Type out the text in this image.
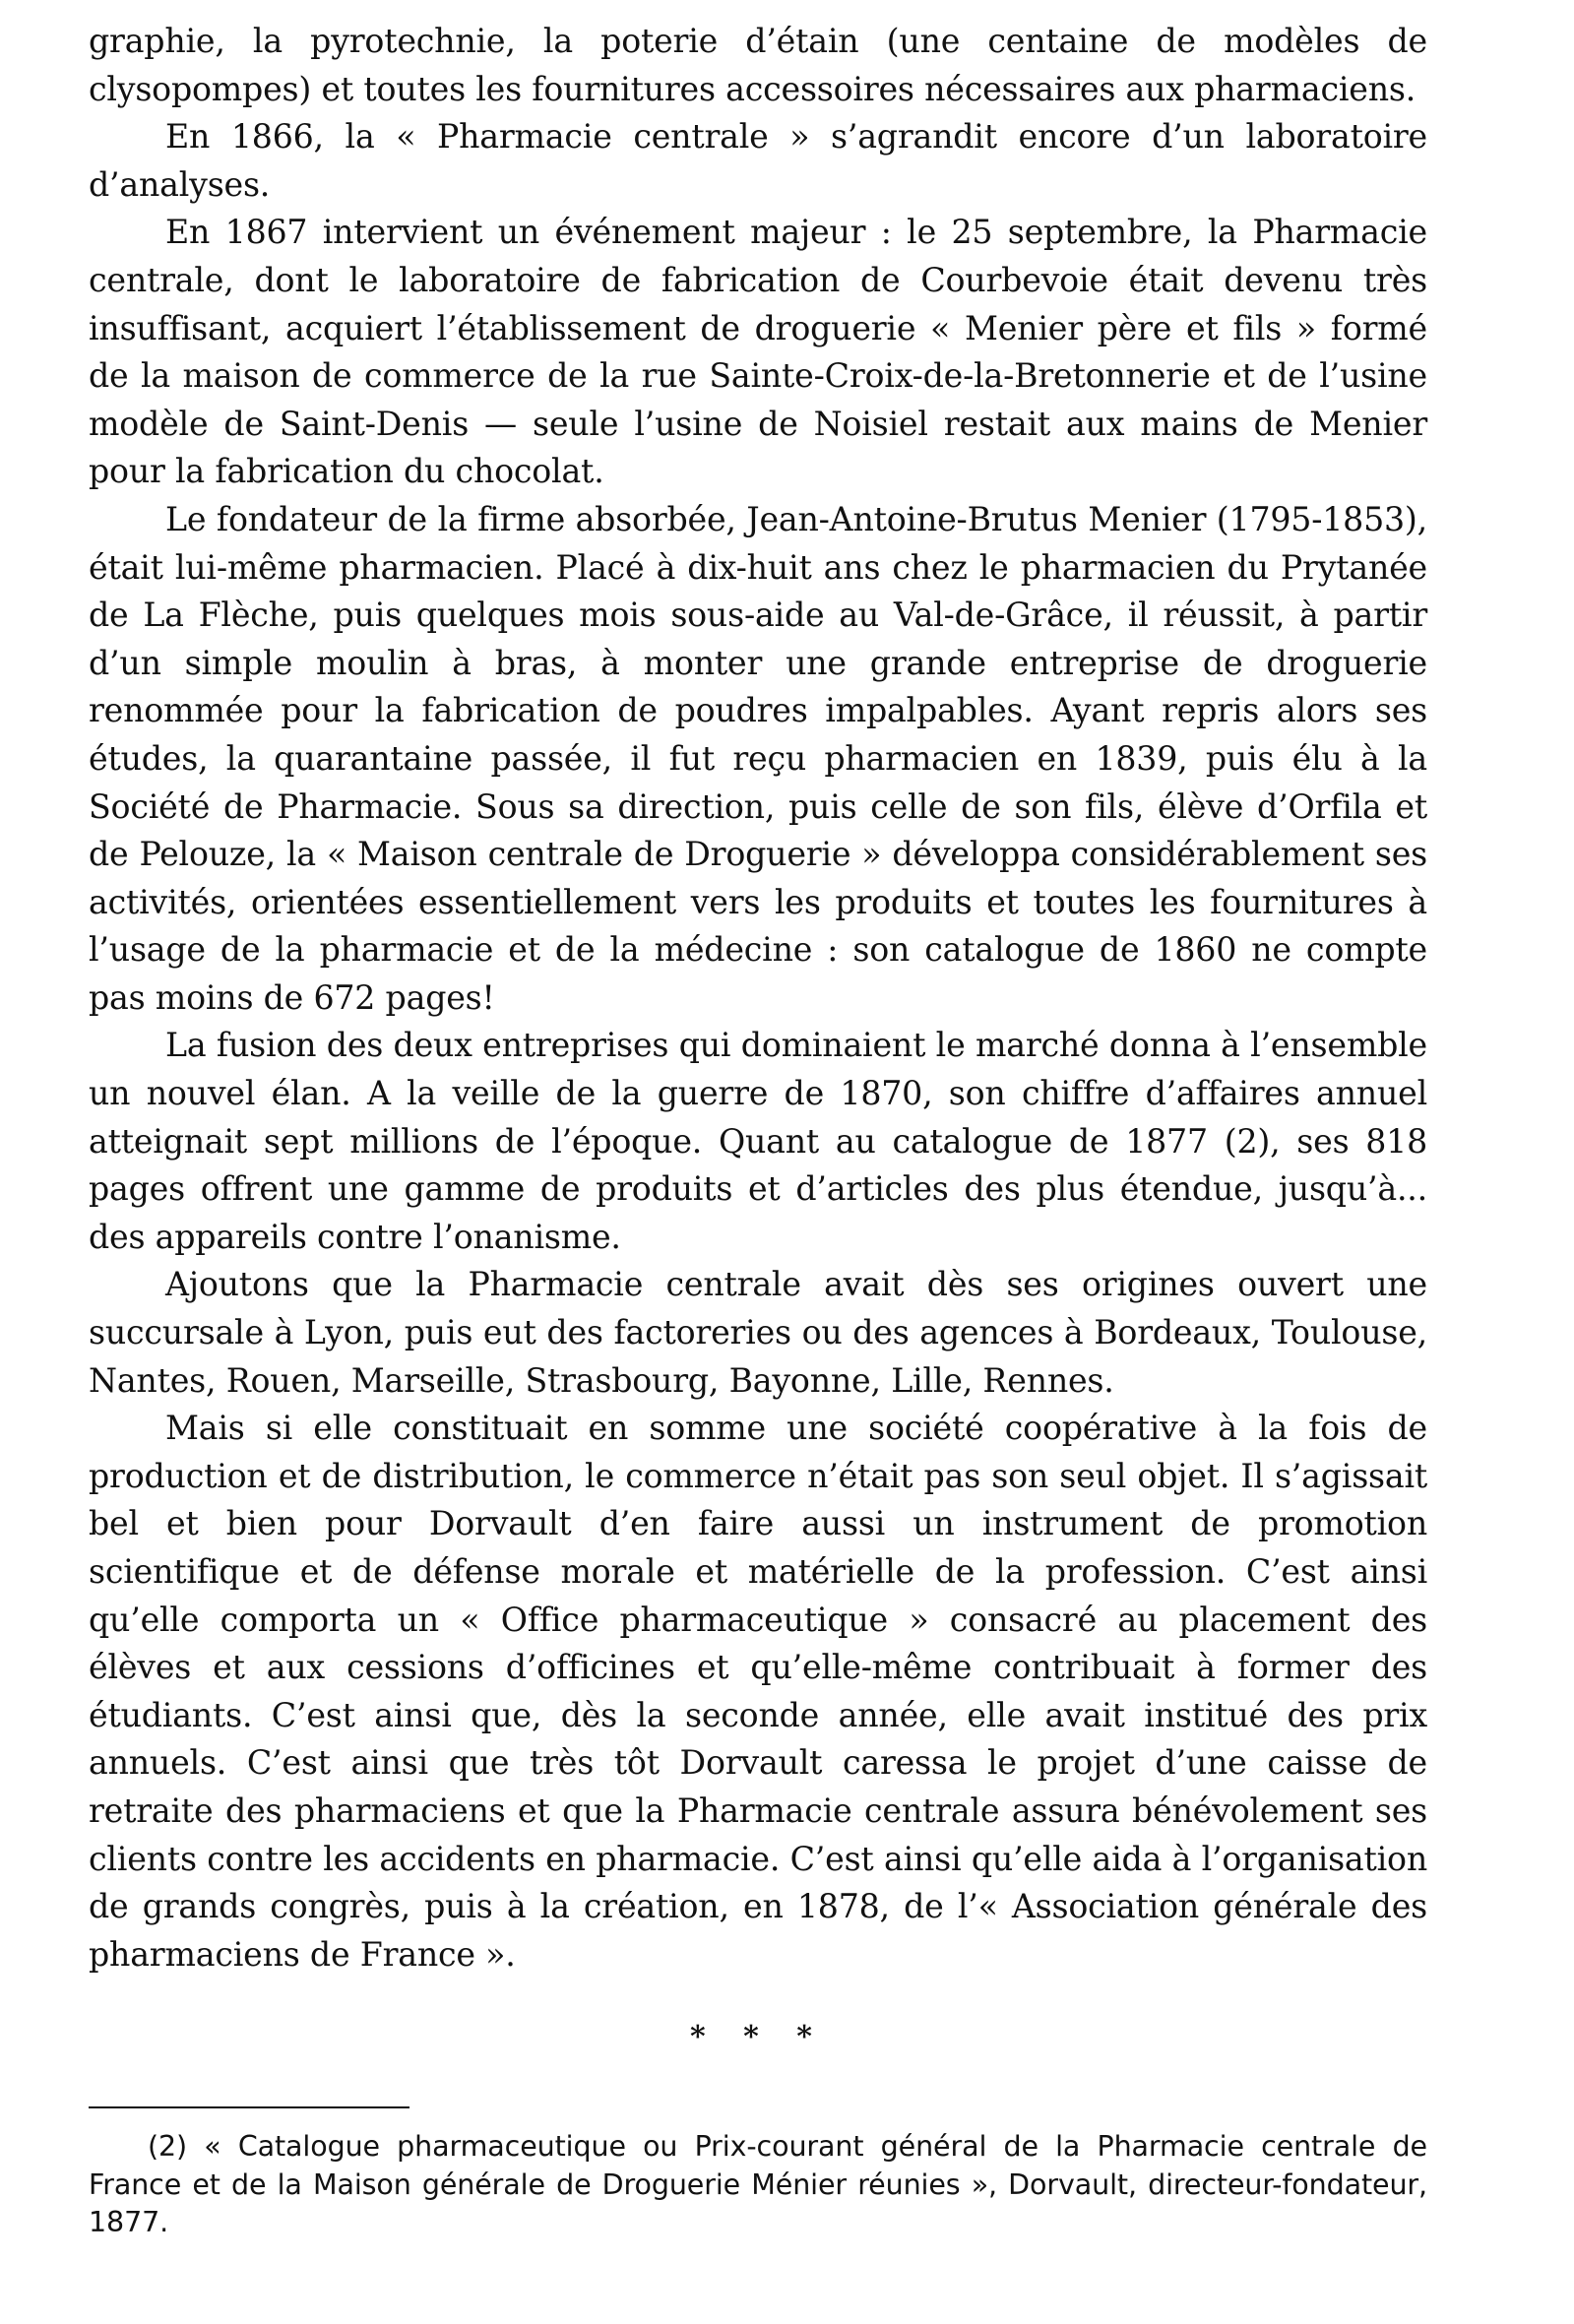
graphie, la pyrotechnie, la poterie d’étain (une centaine de modèles de clysopompes) et toutes les fournitures accessoires nécessaires aux pharmaciens.

En 1866, la « Pharmacie centrale » s’agrandit encore d’un laboratoire d’analyses.

En 1867 intervient un événement majeur : le 25 septembre, la Pharmacie centrale, dont le laboratoire de fabrication de Courbevoie était devenu très insuffisant, acquiert l’établissement de droguerie « Menier père et fils » formé de la maison de commerce de la rue Sainte-Croix-de-la-Bretonnerie et de l’usine modèle de Saint-Denis — seule l’usine de Noisiel restait aux mains de Menier pour la fabrication du chocolat.

Le fondateur de la firme absorbée, Jean-Antoine-Brutus Menier (1795-1853), était lui-même pharmacien. Placé à dix-huit ans chez le pharmacien du Prytanée de La Flèche, puis quelques mois sous-aide au Val-de-Grâce, il réussit, à partir d’un simple moulin à bras, à monter une grande entreprise de droguerie renommée pour la fabrication de poudres impalpables. Ayant repris alors ses études, la quarantaine passée, il fut reçu pharmacien en 1839, puis élu à la Société de Pharmacie. Sous sa direction, puis celle de son fils, élève d’Orfila et de Pelouze, la « Maison centrale de Droguerie » développa considérablement ses activités, orientées essentiellement vers les produits et toutes les fournitures à l’usage de la pharmacie et de la médecine : son catalogue de 1860 ne compte pas moins de 672 pages!

La fusion des deux entreprises qui dominaient le marché donna à l’ensemble un nouvel élan. A la veille de la guerre de 1870, son chiffre d’affaires annuel atteignait sept millions de l’époque. Quant au catalogue de 1877 (2), ses 818 pages offrent une gamme de produits et d’articles des plus étendue, jusqu’à... des appareils contre l’onanisme.

Ajoutons que la Pharmacie centrale avait dès ses origines ouvert une succursale à Lyon, puis eut des factoreries ou des agences à Bordeaux, Toulouse, Nantes, Rouen, Marseille, Strasbourg, Bayonne, Lille, Rennes.

Mais si elle constituait en somme une société coopérative à la fois de production et de distribution, le commerce n’était pas son seul objet. Il s’agissait bel et bien pour Dorvault d’en faire aussi un instrument de promotion scientifique et de défense morale et matérielle de la profession. C’est ainsi qu’elle comporta un « Office pharmaceutique » consacré au placement des élèves et aux cessions d’officines et qu’elle-même contribuait à former des étudiants. C’est ainsi que, dès la seconde année, elle avait institué des prix annuels. C’est ainsi que très tôt Dorvault caressa le projet d’une caisse de retraite des pharmaciens et que la Pharmacie centrale assura bénévolement ses clients contre les accidents en pharmacie. C’est ainsi qu’elle aida à l’organisation de grands congrès, puis à la création, en 1878, de l’« Association générale des pharmaciens de France ».

* * *

(2) « Catalogue pharmaceutique ou Prix-courant général de la Pharmacie centrale de France et de la Maison générale de Droguerie Ménier réunies », Dorvault, directeur-fondateur, 1877.
